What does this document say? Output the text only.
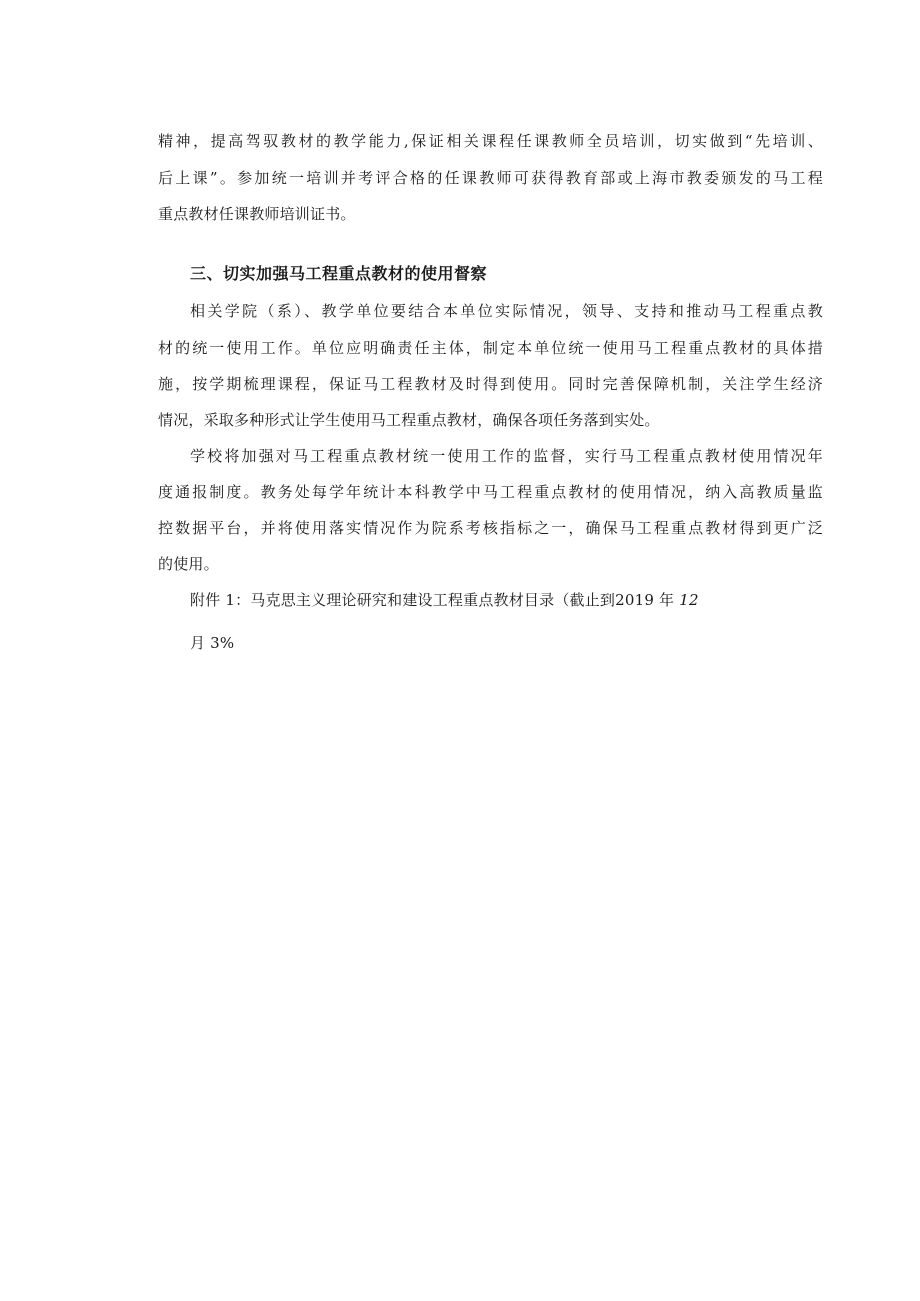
精神，提高驾驭教材的教学能力,保证相关课程任课教师全员培训，切实做到“先培训、
后上课”。参加统一培训并考评合格的任课教师可获得教育部或上海市教委颁发的马工程
重点教材任课教师培训证书。
三、切实加强马工程重点教材的使用督察
相关学院（系）、教学单位要结合本单位实际情况，领导、支持和推动马工程重点教
材的统一使用工作。单位应明确责任主体，制定本单位统一使用马工程重点教材的具体措
施，按学期梳理课程，保证马工程教材及时得到使用。同时完善保障机制，关注学生经济
情况，采取多种形式让学生使用马工程重点教材，确保各项任务落到实处。
学校将加强对马工程重点教材统一使用工作的监督，实行马工程重点教材使用情况年
度通报制度。教务处每学年统计本科教学中马工程重点教材的使用情况，纳入高教质量监
控数据平台，并将使用落实情况作为院系考核指标之一，确保马工程重点教材得到更广泛
的使用。
附件 1：马克思主义理论研究和建设工程重点教材目录（截止到2019 年 12
月 3%
